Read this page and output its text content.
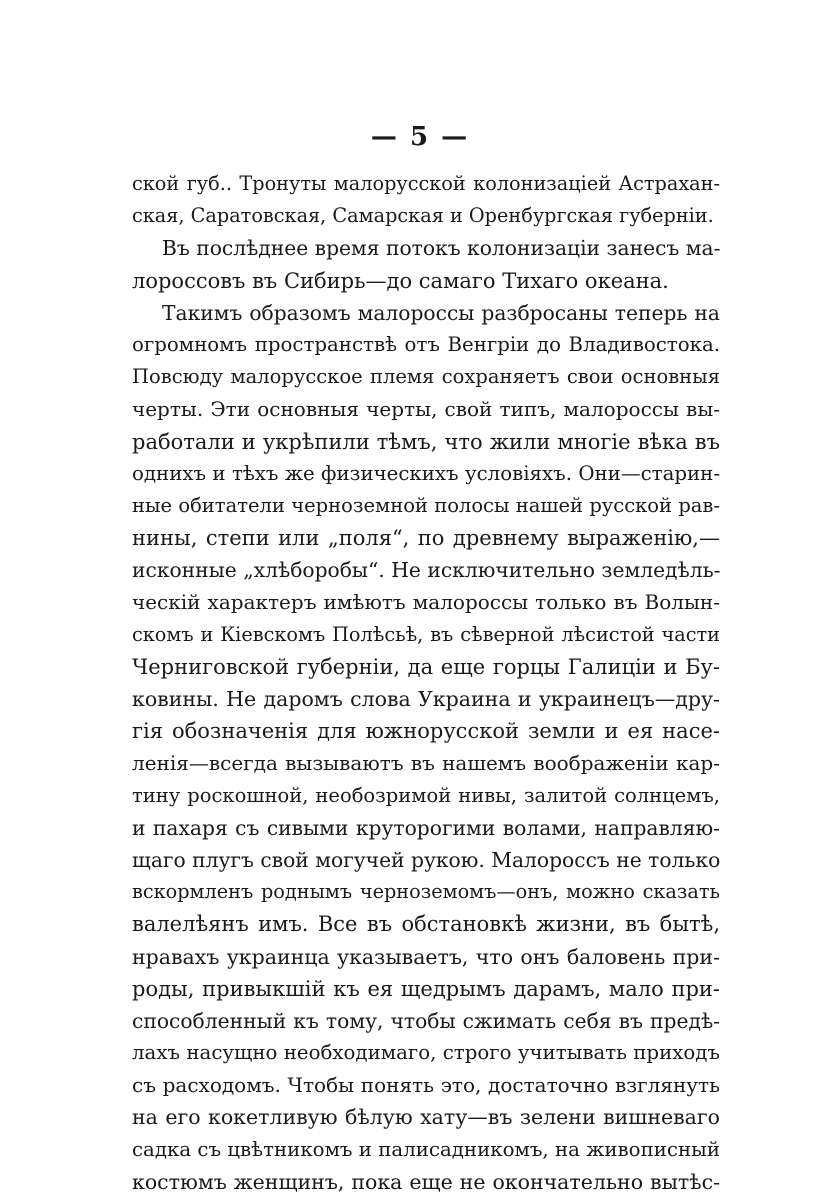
— 5 —
ской губ.. Тронуты малорусской колонизацiей Астрахан-
ская, Саратовская, Самарская и Оренбургская губернiи.
Въ послѣднее время потокъ колонизацiи занесъ ма-
лороссовъ въ Сибирь—до самаго Тихаго океана.
Такимъ образомъ малороссы разбросаны теперь на
огромномъ пространствѣ отъ Венгрiи до Владивостока.
Повсюду малорусское племя сохраняетъ свои основныя
черты. Эти основныя черты, свой типъ, малороссы вы-
работали и укрѣпили тѣмъ, что жили многiе вѣка въ
однихъ и тѣхъ же физическихъ условiяхъ. Они—старин-
ные обитатели черноземной полосы нашей русской рав-
нины, степи или „поля“, по древнему выраженiю,—
исконные „хлѣборобы“. Не исключительно земледѣль-
ческiй характеръ имѣютъ малороссы только въ Волын-
скомъ и Кiевскомъ Полѣсьѣ, въ сѣверной лѣсистой части
Черниговской губернiи, да еще горцы Галицiи и Бу-
ковины. Не даромъ слова Украина и украинецъ—дру-
гiя обозначенiя для южнорусской земли и ея насе-
ленiя—всегда вызываютъ въ нашемъ воображенiи кар-
тину роскошной, необозримой нивы, залитой солнцемъ,
и пахаря съ сивыми круторогими волами, направляю-
щаго плугъ свой могучей рукою. Малороссъ не только
вскормленъ роднымъ черноземомъ—онъ, можно сказать
валелѣянъ имъ. Все въ обстановкѣ жизни, въ бытѣ,
нравахъ украинца указываетъ, что онъ баловень при-
роды, привыкшiй къ ея щедрымъ дарамъ, мало при-
способленный къ тому, чтобы сжимать себя въ предѣ-
лахъ насущно необходимаго, строго учитывать приходъ
съ расходомъ. Чтобы понять это, достаточно взглянуть
на его кокетливую бѣлую хату—въ зелени вишневаго
садка съ цвѣтникомъ и палисадникомъ, на живописный
костюмъ женщинъ, пока еще не окончательно вытѣс-
